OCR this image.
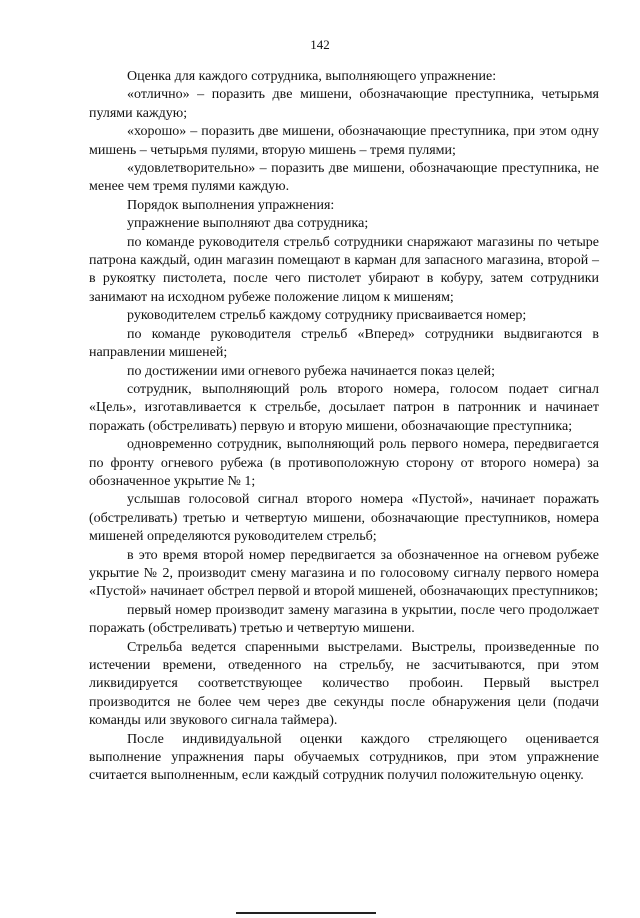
142

Оценка для каждого сотрудника, выполняющего упражнение:

«отлично» – поразить две мишени, обозначающие преступника, четырьмя пулями каждую;

«хорошо» – поразить две мишени, обозначающие преступника, при этом одну мишень – четырьмя пулями, вторую мишень – тремя пулями;

«удовлетворительно» – поразить две мишени, обозначающие преступника, не менее чем тремя пулями каждую.

Порядок выполнения упражнения:

упражнение выполняют два сотрудника;

по команде руководителя стрельб сотрудники снаряжают магазины по четыре патрона каждый, один магазин помещают в карман для запасного магазина, второй – в рукоятку пистолета, после чего пистолет убирают в кобуру, затем сотрудники занимают на исходном рубеже положение лицом к мишеням;

руководителем стрельб каждому сотруднику присваивается номер;

по команде руководителя стрельб «Вперед» сотрудники выдвигаются в направлении мишеней;

по достижении ими огневого рубежа начинается показ целей;

сотрудник, выполняющий роль второго номера, голосом подает сигнал «Цель», изготавливается к стрельбе, досылает патрон в патронник и начинает поражать (обстреливать) первую и вторую мишени, обозначающие преступника;

одновременно сотрудник, выполняющий роль первого номера, передвигается по фронту огневого рубежа (в противоположную сторону от второго номера) за обозначенное укрытие № 1;

услышав голосовой сигнал второго номера «Пустой», начинает поражать (обстреливать) третью и четвертую мишени, обозначающие преступников, номера мишеней определяются руководителем стрельб;

в это время второй номер передвигается за обозначенное на огневом рубеже укрытие № 2, производит смену магазина и по голосовому сигналу первого номера «Пустой» начинает обстрел первой и второй мишеней, обозначающих преступников;

первый номер производит замену магазина в укрытии, после чего продолжает поражать (обстреливать) третью и четвертую мишени.

Стрельба ведется спаренными выстрелами. Выстрелы, произведенные по истечении времени, отведенного на стрельбу, не засчитываются, при этом ликвидируется соответствующее количество пробоин. Первый выстрел производится не более чем через две секунды после обнаружения цели (подачи команды или звукового сигнала таймера).

После индивидуальной оценки каждого стреляющего оценивается выполнение упражнения пары обучаемых сотрудников, при этом упражнение считается выполненным, если каждый сотрудник получил положительную оценку.
